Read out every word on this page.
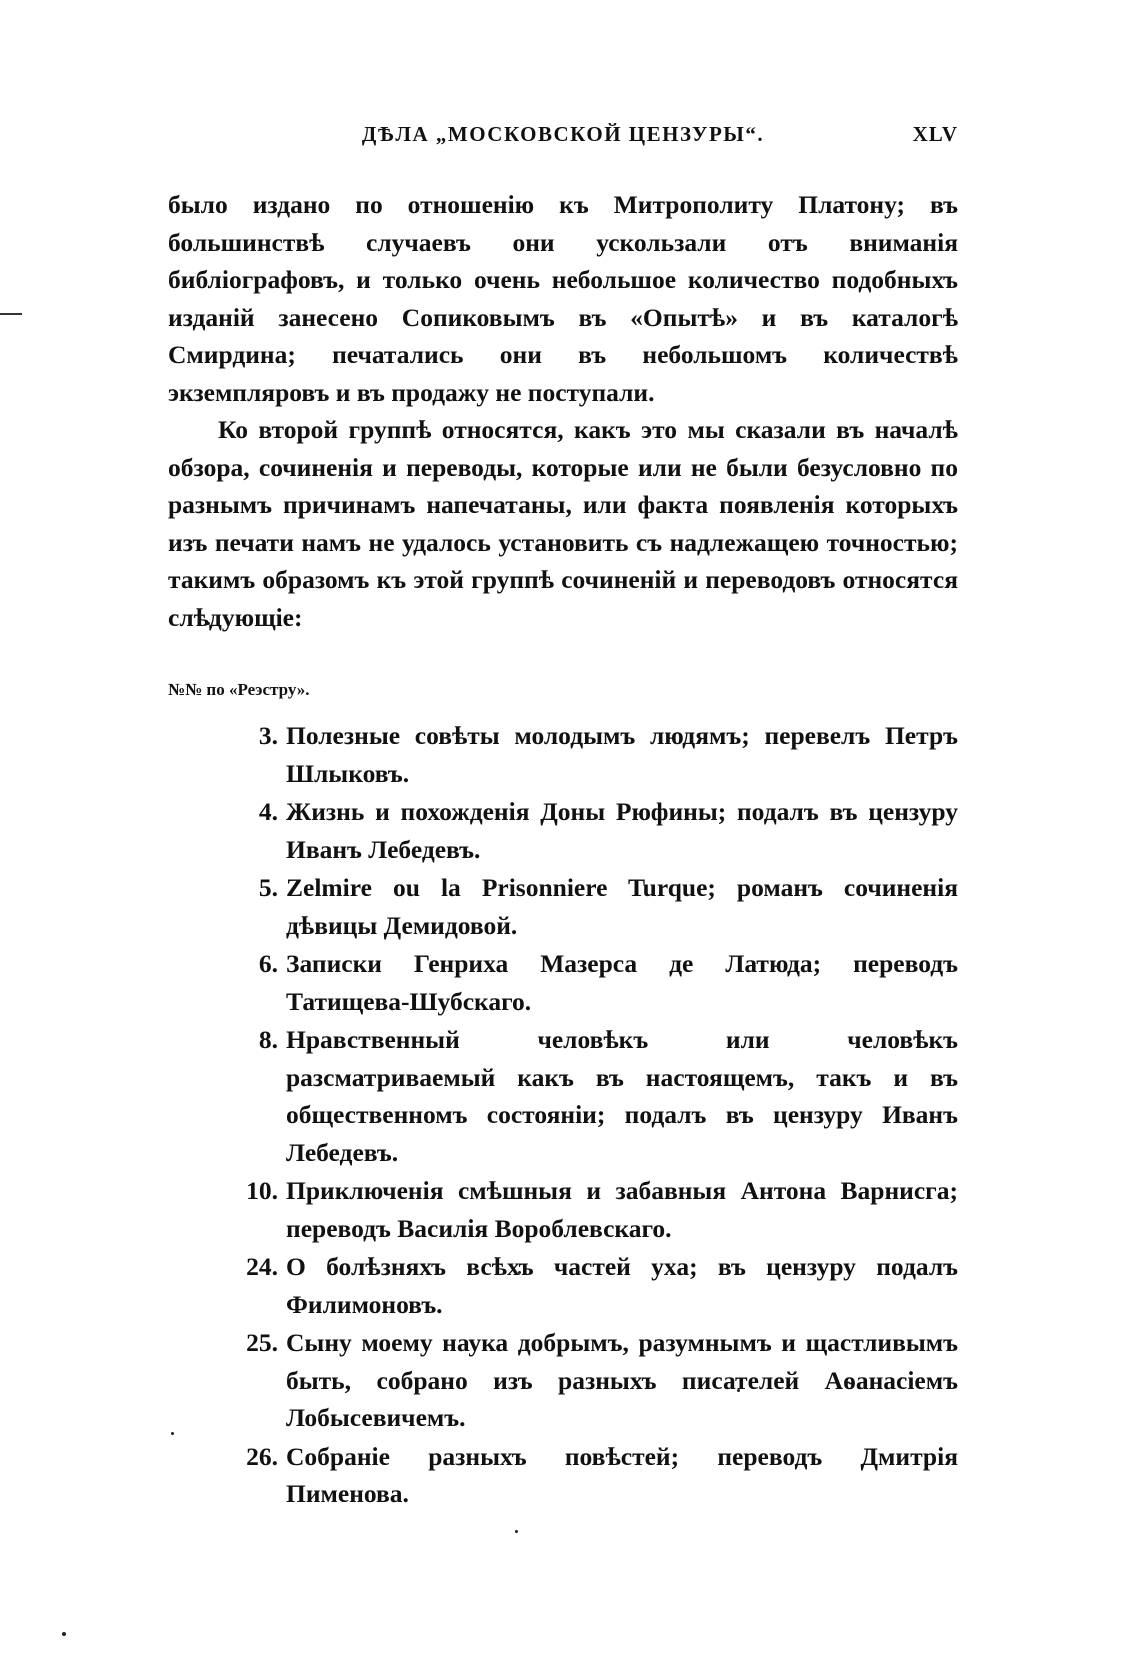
ДѢЛА „МОСКОВСКОЙ ЦЕНЗУРЫ“.	XLV

было издано по отношенію къ Митрополиту Платону; въ большинствѣ случаевъ они ускользали отъ вниманія библіографовъ, и только очень небольшое количество подобныхъ изданій занесено Сопиковымъ въ «Опытѣ» и въ каталогѣ Смирдина; печатались они въ небольшомъ количествѣ экземпляровъ и въ продажу не поступали.

Ко второй группѣ относятся, какъ это мы сказали въ началѣ обзора, сочиненія и переводы, которые или не были безусловно по разнымъ причинамъ напечатаны, или факта появленія которыхъ изъ печати намъ не удалось установить съ надлежащею точностью; такимъ образомъ къ этой группѣ сочиненій и переводовъ относятся слѣдующіе:

№№ по «Реэстру».
3. Полезные совѣты молодымъ людямъ; перевелъ Петръ Шлыковъ.
4. Жизнь и похожденія Доны Рюфины; подалъ въ цензуру Иванъ Лебедевъ.
5. Zelmire ou la Prisonniere Turque; романъ сочиненія дѣвицы Демидовой.
6. Записки Генриха Мазерса де Латюда; переводъ Татищева-Шубскаго.
8. Нравственный человѣкъ или человѣкъ разсматриваемый какъ въ настоящемъ, такъ и въ общественномъ состояніи; подалъ въ цензуру Иванъ Лебедевъ.
10. Приключенія смѣшныя и забавныя Антона Варнисга; переводъ Василія Вороблевскаго.
24. О болѣзняхъ всѣхъ частей уха; въ цензуру подалъ Филимоновъ.
25. Сыну моему наука добрымъ, разумнымъ и щастливымъ быть, собрано изъ разныхъ писателей Аѳанасіемъ Лобысевичемъ.
26. Собраніе разныхъ повѣстей; переводъ Дмитрія Пименова.
